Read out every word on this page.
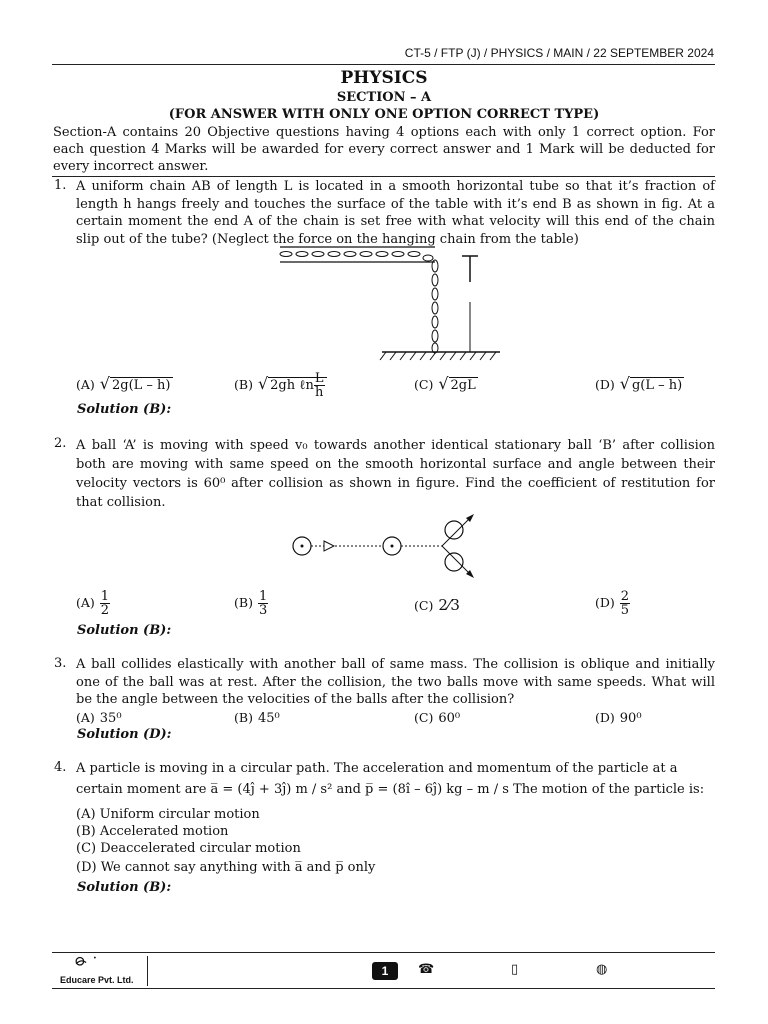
CT-5 / FTP (J) / PHYSICS / MAIN / 22 SEPTEMBER 2024
PHYSICS
SECTION – A
(FOR ANSWER WITH ONLY ONE OPTION CORRECT TYPE)
Section-A contains 20 Objective questions having 4 options each with only 1 correct option. For each question 4 Marks will be awarded for every correct answer and 1 Mark will be deducted for every incorrect answer.
1. A uniform chain AB of length L is located in a smooth horizontal tube so that it’s fraction of length h hangs freely and touches the surface of the table with it’s end B as shown in fig. At a certain moment the end A of the chain is set free with what velocity will this end of the chain slip out of the tube? (Neglect the force on the hanging chain from the table)
(A) √ 2g(L – h)	(B) √ 2gh ℓn $\frac{L}{h}$	(C) √ 2gL	(D) √ g(L – h)
Solution (B):
2. A ball ‘A’ is moving with speed v₀ towards another identical stationary ball ‘B’ after collision both are moving with same speed on the smooth horizontal surface and angle between their velocity vectors is 60⁰ after collision as shown in figure. Find the coefficient of restitution for that collision.
$(A) \frac{1}{2}$	$(B) \frac{1}{3}$	(C) 2⁄3	$(D) \frac{2}{5}$
Solution (B):
3. A ball collides elastically with another ball of same mass. The collision is oblique and initially one of the ball was at rest. After the collision, the two balls move with same speeds. What will be the angle between the velocities of the balls after the collision?
(A) 35⁰	(B) 45⁰	(C) 60⁰	(D) 90⁰
Solution (D):
4. A particle is moving in a circular path. The acceleration and momentum of the particle at a
certain moment are a̅ = (4ĵ + 3ĵ) m / s² and p̅ = (8î – 6ĵ) kg – m / s The motion of the particle is:
(A) Uniform circular motion
(B) Accelerated motion
(C) Deaccelerated circular motion
(D) We cannot say anything with a̅ and p̅ only
Solution (B):
Educare Pvt. Ltd.
1	☎	▯	◍
